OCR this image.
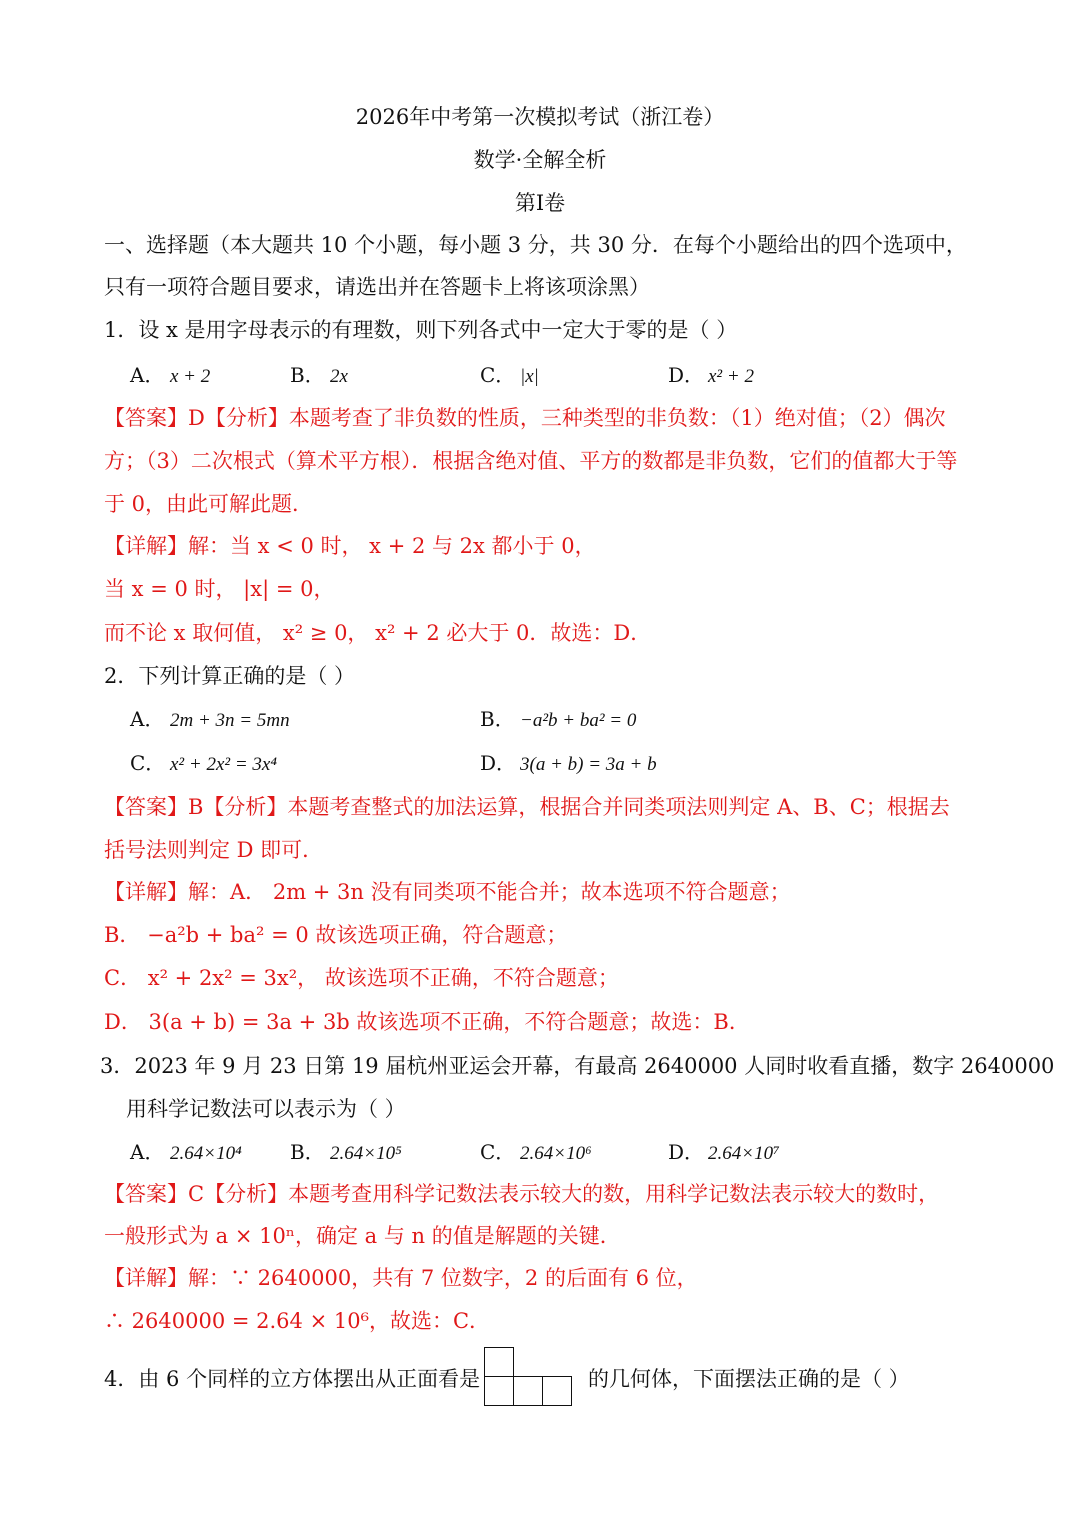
2026年中考第一次模拟考试（浙江卷）
数学·全解全析
第Ⅰ卷
一、选择题（本大题共 10 个小题，每小题 3 分，共 30 分．在每个小题给出的四个选项中，
只有一项符合题目要求，请选出并在答题卡上将该项涂黑）
1．设 x 是用字母表示的有理数，则下列各式中一定大于零的是（ ）
A． x + 2	B． 2x	C． |x|	D． x² + 2
【答案】D【分析】本题考查了非负数的性质，三种类型的非负数：（1）绝对值；（2）偶次
方；（3）二次根式（算术平方根）．根据含绝对值、平方的数都是非负数，它们的值都大于等
于 0，由此可解此题．
【详解】解：当 x < 0 时， x + 2 与 2x 都小于 0，
当 x = 0 时， |x| = 0，
而不论 x 取何值， x² ≥ 0， x² + 2 必大于 0．故选：D．
2．下列计算正确的是（ ）
A． 2m + 3n = 5mn	B． −a²b + ba² = 0
C． x² + 2x² = 3x⁴	D． 3(a + b) = 3a + b
【答案】B【分析】本题考查整式的加法运算，根据合并同类项法则判定 A、B、C；根据去
括号法则判定 D 即可．
【详解】解：A． 2m + 3n 没有同类项不能合并；故本选项不符合题意；
B． −a²b + ba² = 0 故该选项正确，符合题意；
C． x² + 2x² = 3x²， 故该选项不正确，不符合题意；
D． 3(a + b) = 3a + 3b 故该选项不正确，不符合题意；故选：B．
3．2023 年 9 月 23 日第 19 届杭州亚运会开幕，有最高 2640000 人同时收看直播，数字 2640000
用科学记数法可以表示为（ ）
A． 2.64×10⁴ B． 2.64×10⁵	C． 2.64×10⁶	D． 2.64×10⁷
【答案】C【分析】本题考查用科学记数法表示较大的数，用科学记数法表示较大的数时，
一般形式为 a × 10ⁿ，确定 a 与 n 的值是解题的关键．
【详解】解：∵ 2640000，共有 7 位数字，2 的后面有 6 位，
∴ 2640000 = 2.64 × 10⁶，故选：C．
4．由 6 个同样的立方体摆出从正面看是	的几何体，下面摆法正确的是（ ）
